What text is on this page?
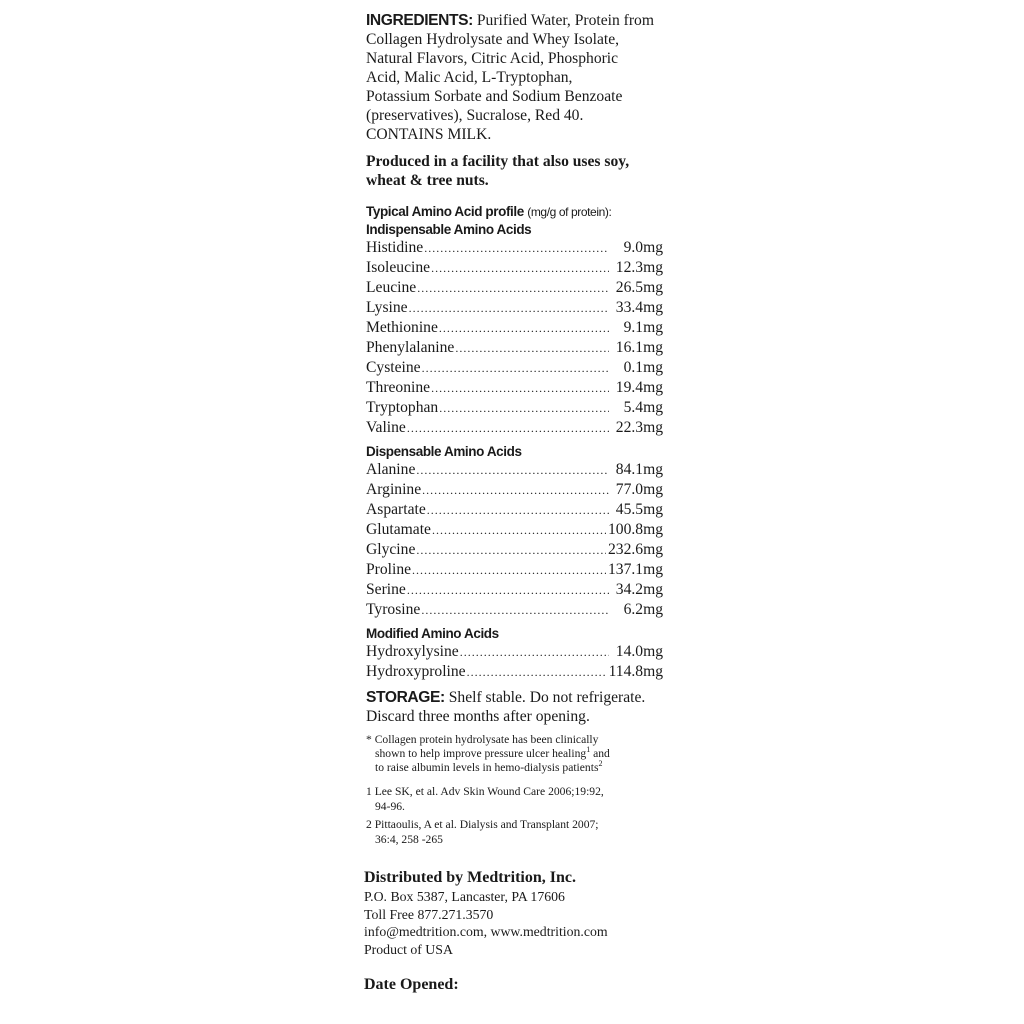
INGREDIENTS: Purified Water, Protein from
Collagen Hydrolysate and Whey Isolate,
Natural Flavors, Citric Acid, Phosphoric
Acid, Malic Acid, L-Tryptophan,
Potassium Sorbate and Sodium Benzoate
(preservatives), Sucralose, Red 40.
CONTAINS MILK.

Produced in a facility that also uses soy,
wheat & tree nuts.
Typical Amino Acid profile (mg/g of protein):
Indispensable Amino Acids
Histidine .....	9.0mg
Isoleucine .....	12.3mg
Leucine .....	26.5mg
Lysine .....	33.4mg
Methionine .....	9.1mg
Phenylalanine .....	16.1mg
Cysteine .....	0.1mg
Threonine .....	19.4mg
Tryptophan .....	5.4mg
Valine .....	22.3mg
Dispensable Amino Acids
Alanine .....	84.1mg
Arginine .....	77.0mg
Aspartate .....	45.5mg
Glutamate .....	100.8mg
Glycine .....	232.6mg
Proline .....	137.1mg
Serine .....	34.2mg
Tyrosine .....	6.2mg
Modified Amino Acids
Hydroxylysine .....	14.0mg
Hydroxyproline .....	114.8mg
STORAGE: Shelf stable. Do not refrigerate.
Discard three months after opening.
* Collagen protein hydrolysate has been clinically
shown to help improve pressure ulcer healing$^1$ and
to raise albumin levels in hemo-dialysis patients$^2$
1 Lee SK, et al. Adv Skin Wound Care 2006;19:92,
94-96.
2 Pittaoulis, A et al. Dialysis and Transplant 2007;
36:4, 258 -265
Distributed by Medtrition, Inc.
P.O. Box 5387, Lancaster, PA 17606
Toll Free 877.271.3570
info@medtrition.com, www.medtrition.com
Product of USA
Date Opened:
